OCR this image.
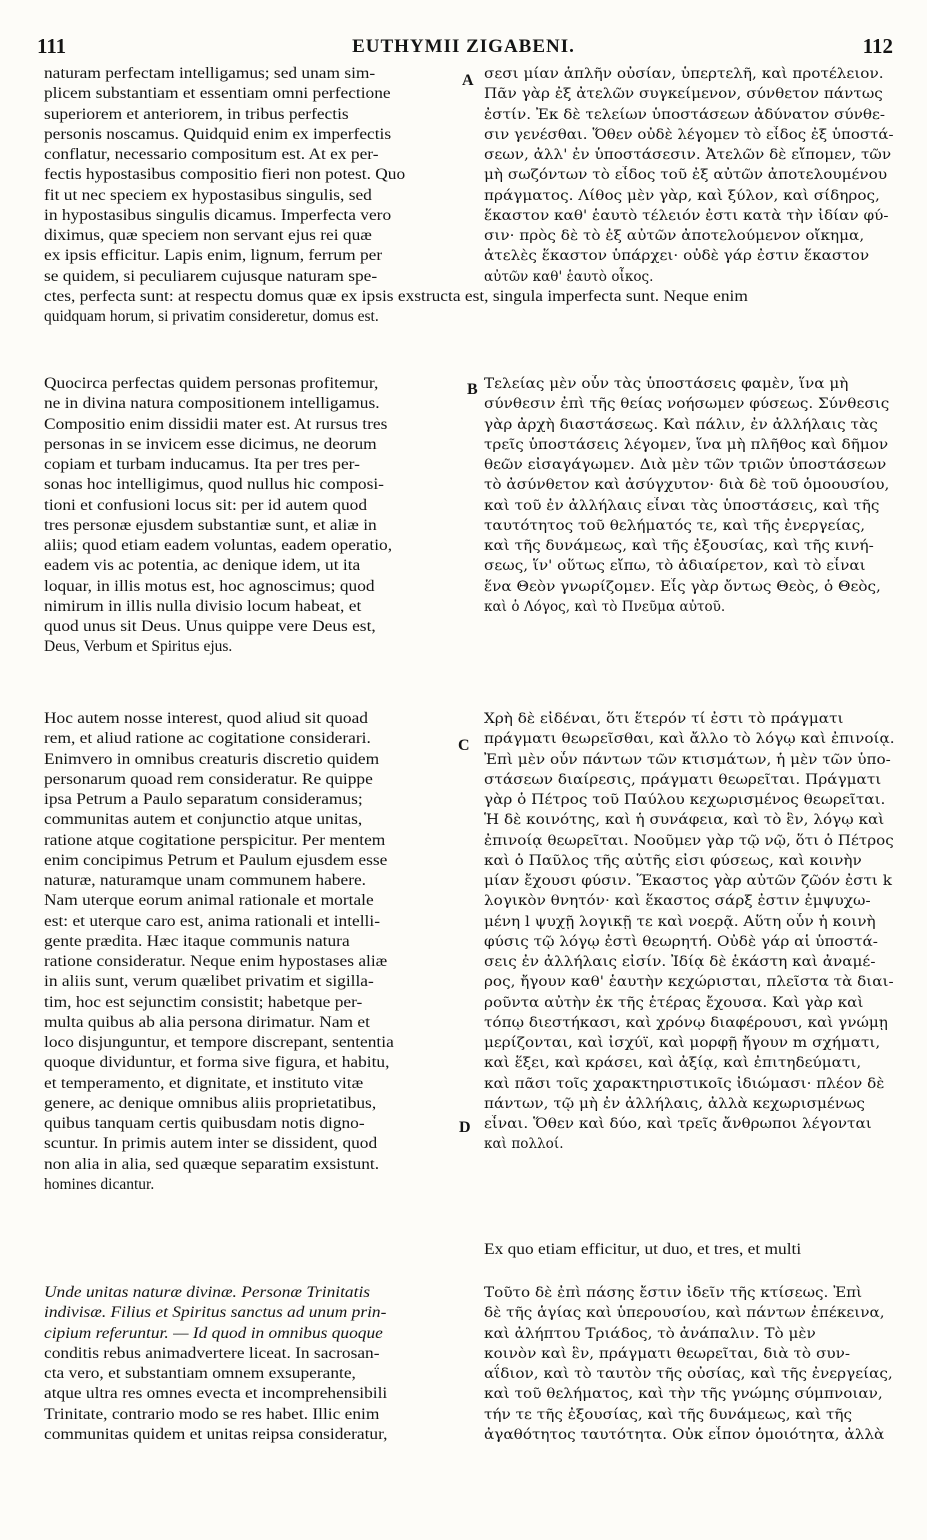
111	EUTHYMII ZIGABENI.	112
A
B
C
D
naturam perfectam intelligamus; sed unam sim-
plicem substantiam et essentiam omni perfectione
superiorem et anteriorem, in tribus perfectis
personis noscamus. Quidquid enim ex imperfectis
conflatur, necessario compositum est. At ex per-
fectis hypostasibus compositio fieri non potest. Quo
fit ut nec speciem ex hypostasibus singulis, sed
in hypostasibus singulis dicamus. Imperfecta vero
diximus, quæ speciem non servant ejus rei quæ
ex ipsis efficitur. Lapis enim, lignum, ferrum per
se quidem, si peculiarem cujusque naturam spe-
Quocirca perfectas quidem personas profitemur,
ne in divina natura compositionem intelligamus.
Compositio enim dissidii mater est. At rursus tres
personas in se invicem esse dicimus, ne deorum
copiam et turbam inducamus. Ita per tres per-
sonas hoc intelligimus, quod nullus hic composi-
tioni et confusioni locus sit: per id autem quod
tres personæ ejusdem substantiæ sunt, et aliæ in
aliis; quod etiam eadem voluntas, eadem operatio,
eadem vis ac potentia, ac denique idem, ut ita
loquar, in illis motus est, hoc agnoscimus; quod
nimirum in illis nulla divisio locum habeat, et
quod unus sit Deus. Unus quippe vere Deus est,
Deus, Verbum et Spiritus ejus.
Hoc autem nosse interest, quod aliud sit quoad
rem, et aliud ratione ac cogitatione considerari.
Enimvero in omnibus creaturis discretio quidem
personarum quoad rem consideratur. Re quippe
ipsa Petrum a Paulo separatum consideramus;
communitas autem et conjunctio atque unitas,
ratione atque cogitatione perspicitur. Per mentem
enim concipimus Petrum et Paulum ejusdem esse
naturæ, naturamque unam communem habere.
Nam uterque eorum animal rationale et mortale
est: et uterque caro est, anima rationali et intelli-
gente prædita. Hæc itaque communis natura
ratione consideratur. Neque enim hypostases aliæ
in aliis sunt, verum quælibet privatim et sigilla-
tim, hoc est sejunctim consistit; habetque per-
multa quibus ab alia persona dirimatur. Nam et
loco disjunguntur, et tempore discrepant, sententia
quoque dividuntur, et forma sive figura, et habitu,
et temperamento, et dignitate, et instituto vitæ
genere, ac denique omnibus aliis proprietatibus,
quibus tanquam certis quibusdam notis digno-
scuntur. In primis autem inter se dissident, quod
non alia in alia, sed quæque separatim exsistunt.
homines dicantur.
Unde unitas naturæ divinæ. Personæ Trinitatis
indivisæ. Filius et Spiritus sanctus ad unum prin-
cipium referuntur. — Id quod in omnibus quoque
conditis rebus animadvertere liceat. In sacrosan-
cta vero, et substantiam omnem exsuperante,
atque ultra res omnes evecta et incomprehensibili
Trinitate, contrario modo se res habet. Illic enim
communitas quidem et unitas reipsa consideratur,
ctes, perfecta sunt: at respectu domus quæ ex ipsis exstructa est, singula imperfecta sunt. Neque enim
quidquam horum, si privatim consideretur, domus est.
Ex quo etiam efficitur, ut duo, et tres, et multi
σεσι μίαν ἁπλῆν οὐσίαν, ὑπερτελῆ, καὶ προτέλειον.
Πᾶν γὰρ ἐξ ἀτελῶν συγκείμενον, σύνθετον πάντως
ἐστίν. Ἐκ δὲ τελείων ὑποστάσεων ἀδύνατον σύνθε-
σιν γενέσθαι. Ὅθεν οὐδὲ λέγομεν τὸ εἶδος ἐξ ὑποστά-
σεων, ἀλλ' ἐν ὑποστάσεσιν. Ἀτελῶν δὲ εἴπομεν, τῶν
μὴ σωζόντων τὸ εἶδος τοῦ ἐξ αὐτῶν ἀποτελουμένου
πράγματος. Λίθος μὲν γὰρ, καὶ ξύλον, καὶ σίδηρος,
ἕκαστον καθ' ἑαυτὸ τέλειόν ἐστι κατὰ τὴν ἰδίαν φύ-
σιν· πρὸς δὲ τὸ ἐξ αὐτῶν ἀποτελούμενον οἴκημα,
ἀτελὲς ἕκαστον ὑπάρχει· οὐδὲ γάρ ἐστιν ἕκαστον
αὐτῶν καθ' ἑαυτὸ οἶκος.
Τελείας μὲν οὖν τὰς ὑποστάσεις φαμὲν, ἵνα μὴ
σύνθεσιν ἐπὶ τῆς θείας νοήσωμεν φύσεως. Σύνθεσις
γὰρ ἀρχὴ διαστάσεως. Καὶ πάλιν, ἐν ἀλλήλαις τὰς
τρεῖς ὑποστάσεις λέγομεν, ἵνα μὴ πλῆθος καὶ δῆμον
θεῶν εἰσαγάγωμεν. Διὰ μὲν τῶν τριῶν ὑποστάσεων
τὸ ἀσύνθετον καὶ ἀσύγχυτον· διὰ δὲ τοῦ ὁμοουσίου,
καὶ τοῦ ἐν ἀλλήλαις εἶναι τὰς ὑποστάσεις, καὶ τῆς
ταυτότητος τοῦ θελήματός τε, καὶ τῆς ἐνεργείας,
καὶ τῆς δυνάμεως, καὶ τῆς ἐξουσίας, καὶ τῆς κινή-
σεως, ἵν' οὕτως εἴπω, τὸ ἀδιαίρετον, καὶ τὸ εἶναι
ἕνα Θεὸν γνωρίζομεν. Εἷς γὰρ ὄντως Θεὸς, ὁ Θεὸς,
καὶ ὁ Λόγος, καὶ τὸ Πνεῦμα αὐτοῦ.
Χρὴ δὲ εἰδέναι, ὅτι ἕτερόν τί ἐστι τὸ πράγματι
πράγματι θεωρεῖσθαι, καὶ ἄλλο τὸ λόγῳ καὶ ἐπινοίᾳ.
Ἐπὶ μὲν οὖν πάντων τῶν κτισμάτων, ἡ μὲν τῶν ὑπο-
στάσεων διαίρεσις, πράγματι θεωρεῖται. Πράγματι
γὰρ ὁ Πέτρος τοῦ Παύλου κεχωρισμένος θεωρεῖται.
Ἡ δὲ κοινότης, καὶ ἡ συνάφεια, καὶ τὸ ἓν, λόγῳ καὶ
ἐπινοίᾳ θεωρεῖται. Νοοῦμεν γὰρ τῷ νῷ, ὅτι ὁ Πέτρος
καὶ ὁ Παῦλος τῆς αὐτῆς εἰσι φύσεως, καὶ κοινὴν
μίαν ἔχουσι φύσιν. Ἕκαστος γὰρ αὐτῶν ζῶόν ἐστι k
λογικὸν θνητόν· καὶ ἕκαστος σάρξ ἐστιν ἐμψυχω-
μένη l ψυχῇ λογικῇ τε καὶ νοερᾷ. Αὕτη οὖν ἡ κοινὴ
φύσις τῷ λόγῳ ἐστὶ θεωρητή. Οὐδὲ γάρ αἱ ὑποστά-
σεις ἐν ἀλλήλαις εἰσίν. Ἰδίᾳ δὲ ἑκάστη καὶ ἀναμέ-
ρος, ἤγουν καθ' ἑαυτὴν κεχώρισται, πλεῖστα τὰ διαι-
ροῦντα αὐτὴν ἐκ τῆς ἑτέρας ἔχουσα. Καὶ γὰρ καὶ
τόπῳ διεστήκασι, καὶ χρόνῳ διαφέρουσι, καὶ γνώμῃ
μερίζονται, καὶ ἰσχύϊ, καὶ μορφῇ ἤγουν m σχήματι,
καὶ ἕξει, καὶ κράσει, καὶ ἀξίᾳ, καὶ ἐπιτηδεύματι,
καὶ πᾶσι τοῖς χαρακτηριστικοῖς ἰδιώμασι· πλέον δὲ
πάντων, τῷ μὴ ἐν ἀλλήλαις, ἀλλὰ κεχωρισμένως
εἶναι. Ὅθεν καὶ δύο, καὶ τρεῖς ἄνθρωποι λέγονται
καὶ πολλοί.
Τοῦτο δὲ ἐπὶ πάσης ἔστιν ἰδεῖν τῆς κτίσεως. Ἐπὶ
δὲ τῆς ἁγίας καὶ ὑπερουσίου, καὶ πάντων ἐπέκεινα,
καὶ ἀλήπτου Τριάδος, τὸ ἀνάπαλιν. Τὸ μὲν
κοινὸν καὶ ἓν, πράγματι θεωρεῖται, διὰ τὸ συν-
αΐδιον, καὶ τὸ ταυτὸν τῆς οὐσίας, καὶ τῆς ἐνεργείας,
καὶ τοῦ θελήματος, καὶ τὴν τῆς γνώμης σύμπνοιαν,
τήν τε τῆς ἐξουσίας, καὶ τῆς δυνάμεως, καὶ τῆς
ἀγαθότητος ταυτότητα. Οὐκ εἶπον ὁμοιότητα, ἀλλὰ
